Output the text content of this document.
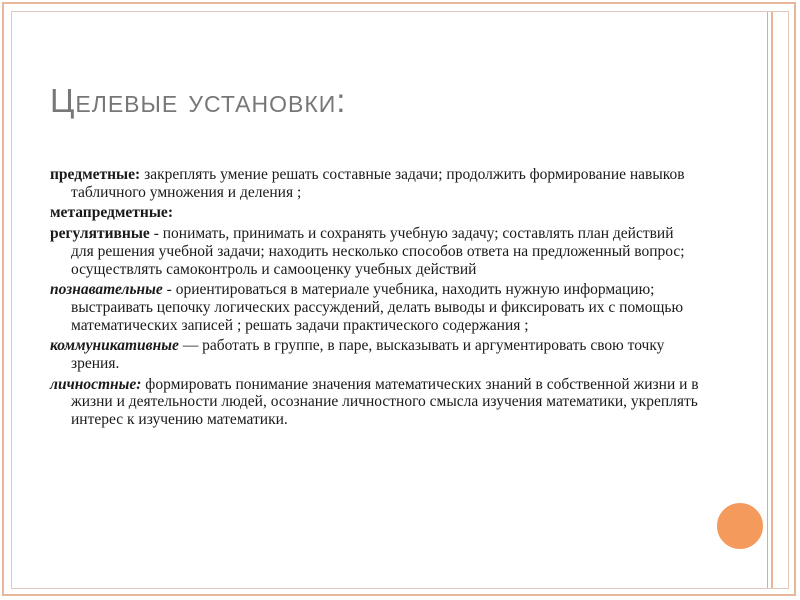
Целевые установки:

предметные: закреплять умение решать составные задачи; продолжить формирование навыков табличного умножения и деления ;

метапредметные:

регулятивные - понимать, принимать и сохранять учебную задачу; составлять план действий для решения учебной задачи; находить несколько способов ответа на предложенный вопрос; осуществлять самоконтроль и самооценку учебных действий

познавательные - ориентироваться в материале учебника, находить нужную информацию; выстраивать цепочку логических рассуждений, делать выводы и фиксировать их с помощью математических записей ; решать задачи практического содержания ;

коммуникативные — работать в группе, в паре, высказывать и аргументировать свою точку зрения.

личностные: формировать понимание значения математических знаний в собственной жизни и в жизни и деятельности людей, осознание личностного смысла изучения математики, укреплять интерес к изучению математики.
